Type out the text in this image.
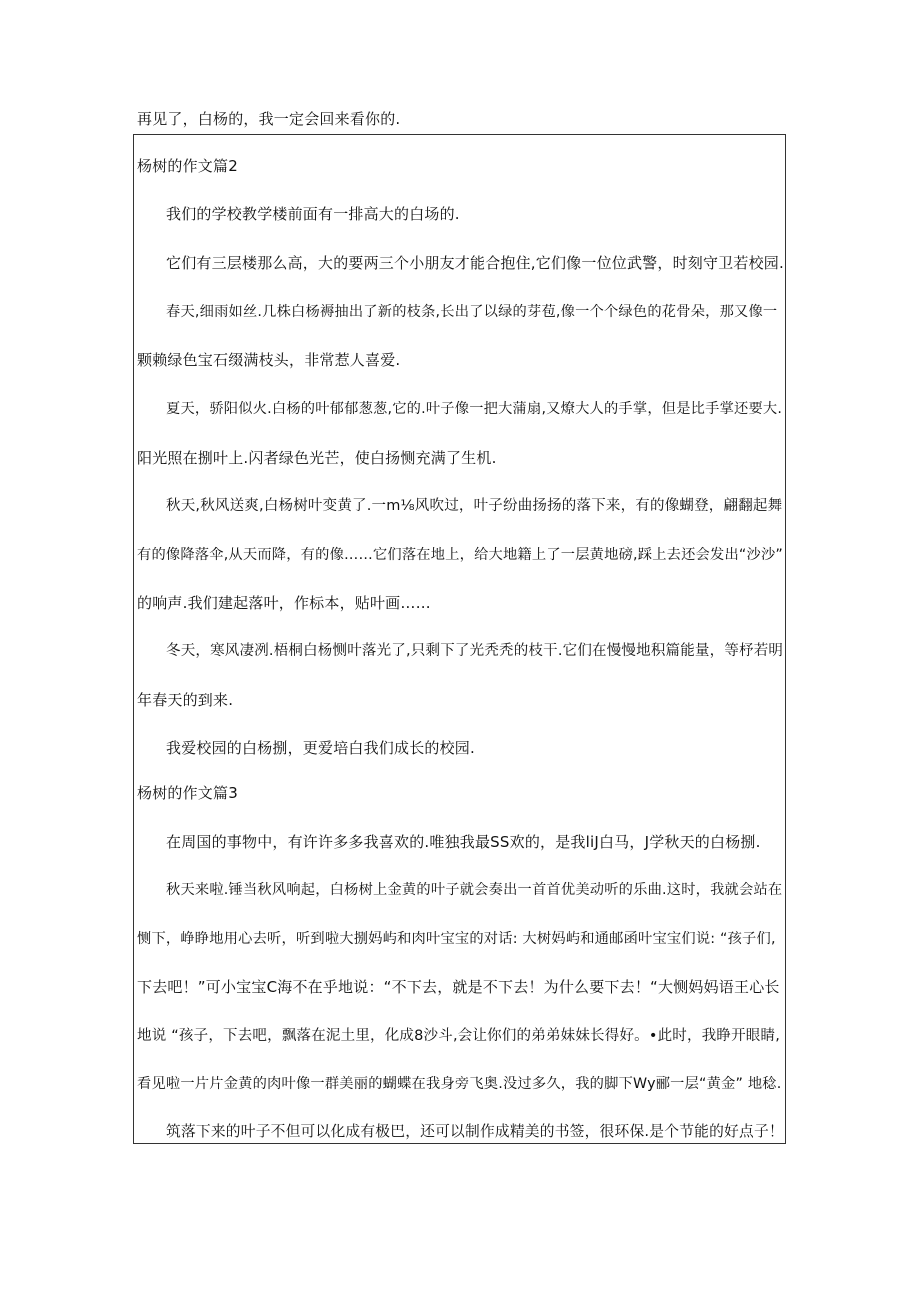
再见了，白杨的，我一定会回来看你的.
杨树的作文篇2
我们的学校教学楼前面有一排高大的白场的.
它们有三层楼那么高，大的要两三个小朋友才能合抱住,它们像一位位武警，时刻守卫若校园.
春天,细雨如丝.几株白杨褥抽出了新的枝条,长出了以绿的芽苞,像一个个绿色的花骨朵，那又像一
颗赖绿色宝石缀满枝头，非常惹人喜爱.
夏天，骄阳似火.白杨的叶郁郁葱葱,它的.叶子像一把大蒲扇,又燎大人的手掌，但是比手掌还要大.
阳光照在捌叶上.闪者绿色光芒，使白扬恻充满了生机.
秋天,秋风送爽,白杨树叶变黄了.一m⅛风吹过，叶子纷曲扬扬的落下来，有的像蝴登，翩翻起舞
有的像降落伞,从天而降，有的像……它们落在地上，给大地籍上了一层黄地磅,踩上去还会发出“沙沙”
的响声.我们建起落叶，作标本，贴叶画……
冬天，寒风凄冽.梧桐白杨恻叶落光了,只剩下了光秃秃的枝干.它们在慢慢地积篇能量，等杼若明
年春天的到来.
我爱校园的白杨捌，更爱培白我们成长的校园.
杨树的作文篇3
在周国的事物中，有许许多多我喜欢的.唯独我最SS欢的，是我liJ白马，J学秋天的白杨捌.
秋天来啦.锤当秋风响起，白杨树上金黄的叶子就会奏出一首首优美动听的乐曲.这时，我就会站在
恻下，峥睁地用心去听，听到啦大捌妈屿和肉叶宝宝的对话: 大树妈屿和通邮函叶宝宝们说: “孩子们,
下去吧！”可小宝宝C海不在乎地说：“不下去，就是不下去！为什么要下去！“大恻妈妈语王心长
地说 “孩子，下去吧，飘落在泥土里，化成8沙斗,会让你们的弟弟妹妹长得好。•此时，我睁开眼睛,
看见啦一片片金黄的肉叶像一群美丽的蝴蝶在我身旁飞奥.没过多久，我的脚下Wy郦一层“黄金” 地稔.
筑落下来的叶子不但可以化成有极巴，还可以制作成精美的书签，很环保.是个节能的好点子！
